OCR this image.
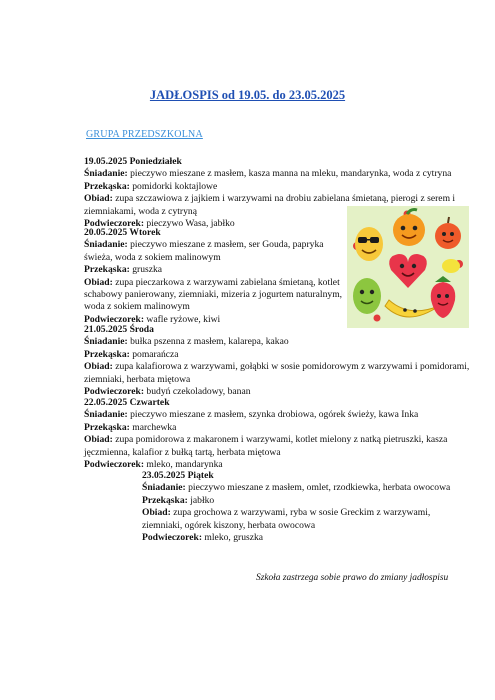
JADŁOSPIS od 19.05. do 23.05.2025
GRUPA PRZEDSZKOLNA
19.05.2025 Poniedziałek
Śniadanie: pieczywo mieszane z masłem, kasza manna na mleku, mandarynka, woda z cytryna
Przekąska: pomidorki koktajlowe
Obiad: zupa szczawiowa z jajkiem i warzywami na drobiu zabielana śmietaną, pierogi z serem i ziemniakami, woda z cytryną
Podwieczorek: pieczywo Wasa, jabłko
20.05.2025 Wtorek
Śniadanie: pieczywo mieszane z masłem, ser Gouda, papryka świeża, woda z sokiem malinowym
Przekąska: gruszka
Obiad: zupa pieczarkowa z warzywami zabielana śmietaną, kotlet schabowy panierowany, ziemniaki, mizeria z jogurtem naturalnym, woda z sokiem malinowym
Podwieczorek: wafle ryżowe, kiwi
21.05.2025 Środa
Śniadanie: bułka pszenna z masłem, kalarepa, kakao
Przekąska: pomarańcza
Obiad: zupa kalafiorowa z warzywami, gołąbki w sosie pomidorowym z warzywami i pomidorami, ziemniaki, herbata miętowa
Podwieczorek: budyń czekoladowy, banan
22.05.2025 Czwartek
Śniadanie: pieczywo mieszane z masłem, szynka drobiowa, ogórek świeży, kawa Inka
Przekąska: marchewka
Obiad: zupa pomidorowa z makaronem i warzywami, kotlet mielony z natką pietruszki, kasza jęczmienna, kalafior z bułką tartą, herbata miętowa
Podwieczorek: mleko, mandarynka
23.05.2025 Piątek
Śniadanie: pieczywo mieszane z masłem, omlet, rzodkiewka, herbata owocowa
Przekąska: jabłko
Obiad: zupa grochowa z warzywami, ryba w sosie Greckim z warzywami, ziemniaki, ogórek kiszony, herbata owocowa
Podwieczorek: mleko, gruszka
Szkoła zastrzega sobie prawo do zmiany jadłospisu
